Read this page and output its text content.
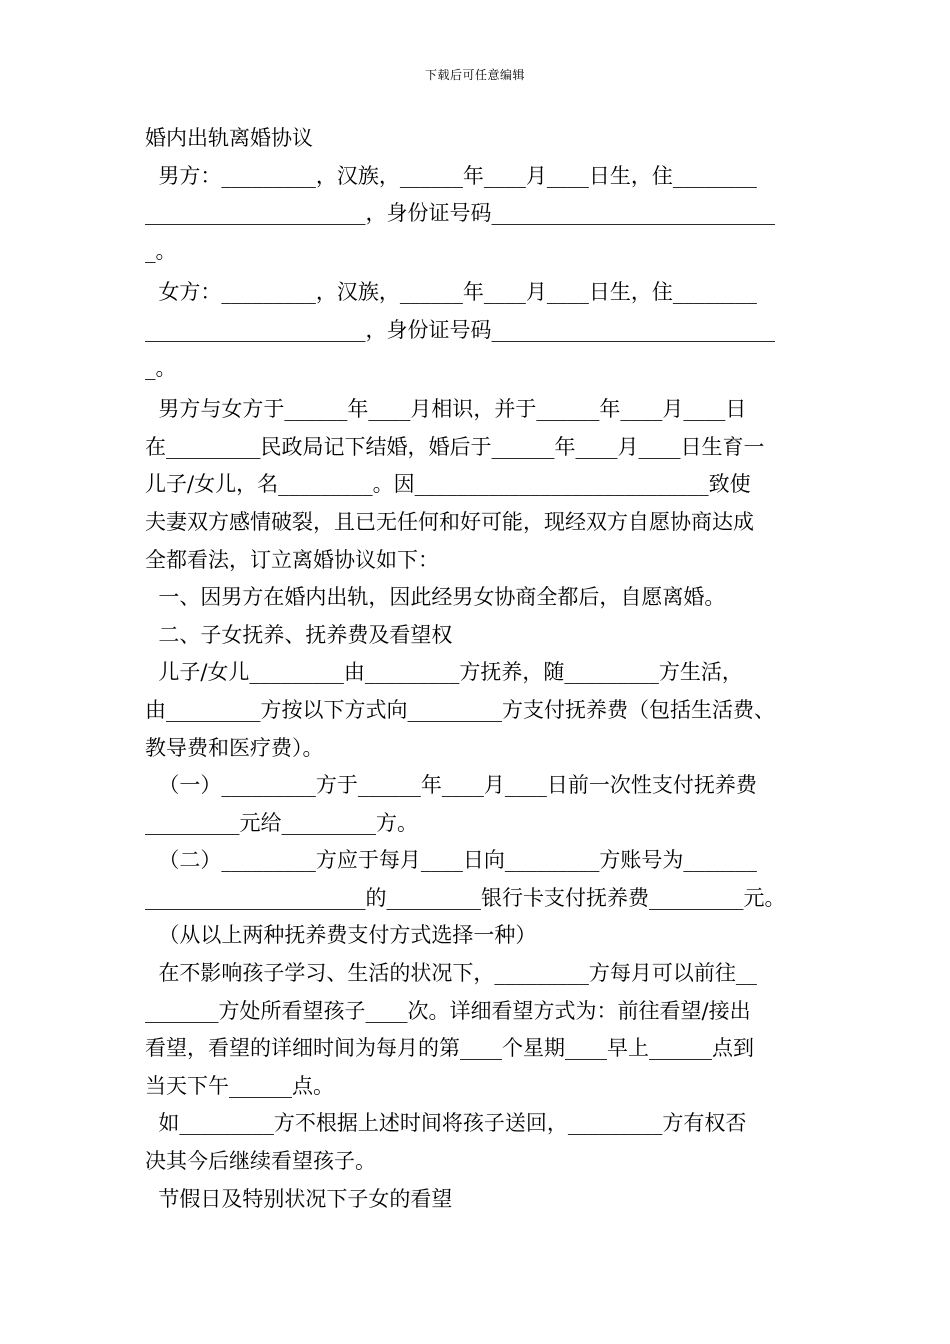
下载后可任意编辑
婚内出轨离婚协议
男方：_________，汉族，______年____月____日生，住________
_____________________，身份证号码___________________________
_。
女方：_________，汉族，______年____月____日生，住________
_____________________，身份证号码___________________________
_。
男方与女方于______年____月相识，并于______年____月____日
在_________民政局记下结婚，婚后于______年____月____日生育一
儿子/女儿，名_________。因____________________________致使
夫妻双方感情破裂，且已无任何和好可能，现经双方自愿协商达成
全都看法，订立离婚协议如下：
一、因男方在婚内出轨，因此经男女协商全都后，自愿离婚。
二、子女抚养、抚养费及看望权
儿子/女儿_________由_________方抚养，随_________方生活，
由_________方按以下方式向_________方支付抚养费（包括生活费、
教导费和医疗费）。
（一）_________方于______年____月____日前一次性支付抚养费
_________元给_________方。
（二）_________方应于每月____日向_________方账号为_______
_____________________的_________银行卡支付抚养费_________元。
（从以上两种抚养费支付方式选择一种）
在不影响孩子学习、生活的状况下，_________方每月可以前往__
_______方处所看望孩子____次。详细看望方式为：前往看望/接出
看望，看望的详细时间为每月的第____个星期____早上______点到
当天下午______点。
如_________方不根据上述时间将孩子送回，_________方有权否
决其今后继续看望孩子。
节假日及特别状况下子女的看望
